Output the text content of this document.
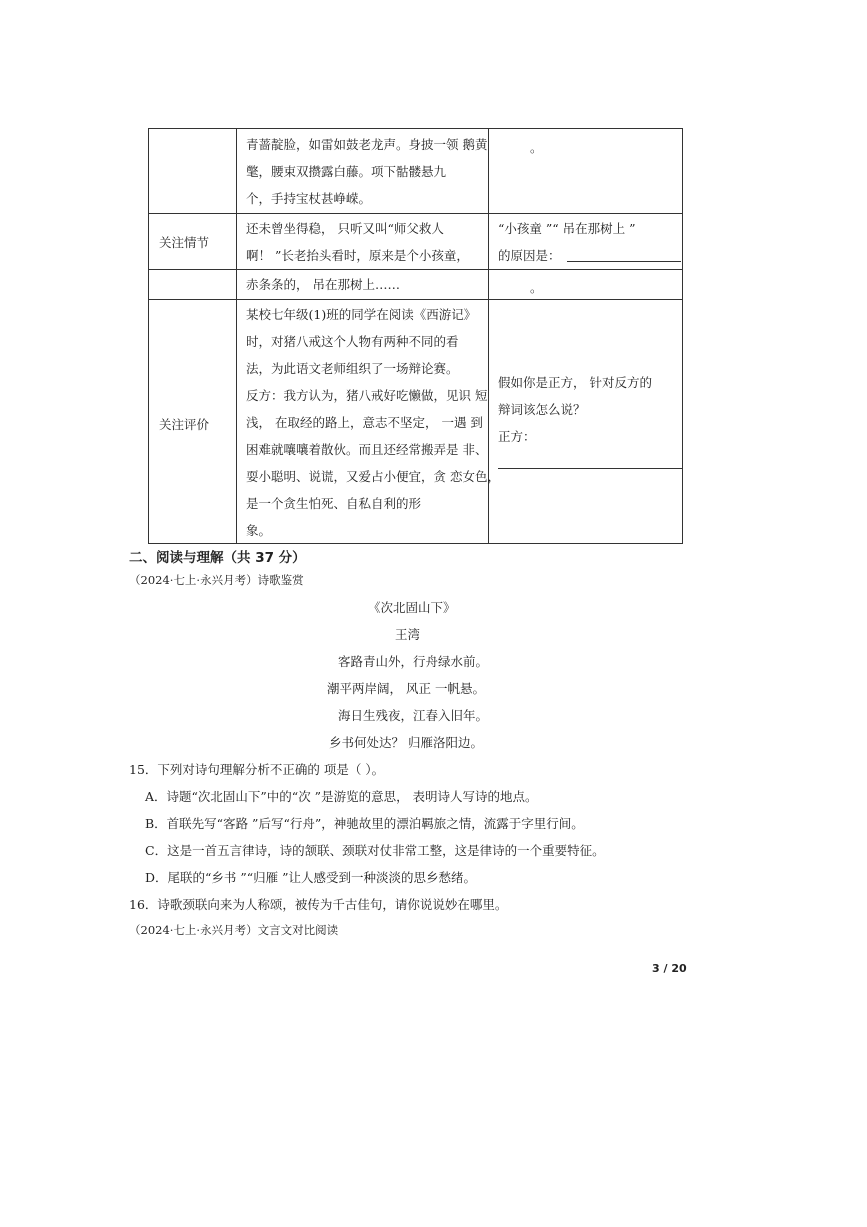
青蔷靛脸，如雷如鼓老龙声。身披一领 鹅黄
氅，腰束双攒露白藤。项下骷髅悬九
个，手持宝杖甚峥嵘。
。
关注情节
还未曾坐得稳， 只听又叫“师父救人
啊！ ”长老抬头看时，原来是个小孩童，
“小孩童 ”“ 吊在那树上 ”
的原因是：
赤条条的， 吊在那树上……	。
关注评价
某校七年级(1)班的同学在阅读《西游记》
时，对猪八戒这个人物有两种不同的看
法，为此语文老师组织了一场辩论赛。
反方：我方认为，猪八戒好吃懒做，见识 短
浅， 在取经的路上，意志不坚定， 一遇 到
困难就嚷嚷着散伙。而且还经常搬弄是 非、
耍小聪明、说谎，又爱占小便宜，贪 恋女色，
是一个贪生怕死、自私自利的形
象。
假如你是正方， 针对反方的
辩词该怎么说？
正方：
二、阅读与理解（共 37 分）
（2024·七上·永兴月考）诗歌鉴赏
《次北固山下》
王湾
客路青山外，行舟绿水前。
潮平两岸阔， 风正 一帆悬。
海日生残夜，江春入旧年。
乡书何处达？ 归雁洛阳边。
15．下列对诗句理解分析不正确的 项是（ ）。
A．诗题“次北固山下”中的“次 ”是游览的意思， 表明诗人写诗的地点。
B．首联先写“客路 ”后写“行舟”，神驰故里的漂泊羁旅之情，流露于字里行间。
C．这是一首五言律诗，诗的颔联、颈联对仗非常工整，这是律诗的一个重要特征。
D．尾联的“乡书 ”“归雁 ”让人感受到一种淡淡的思乡愁绪。
16．诗歌颈联向来为人称颂，被传为千古佳句，请你说说妙在哪里。
（2024·七上·永兴月考）文言文对比阅读
3 / 20
